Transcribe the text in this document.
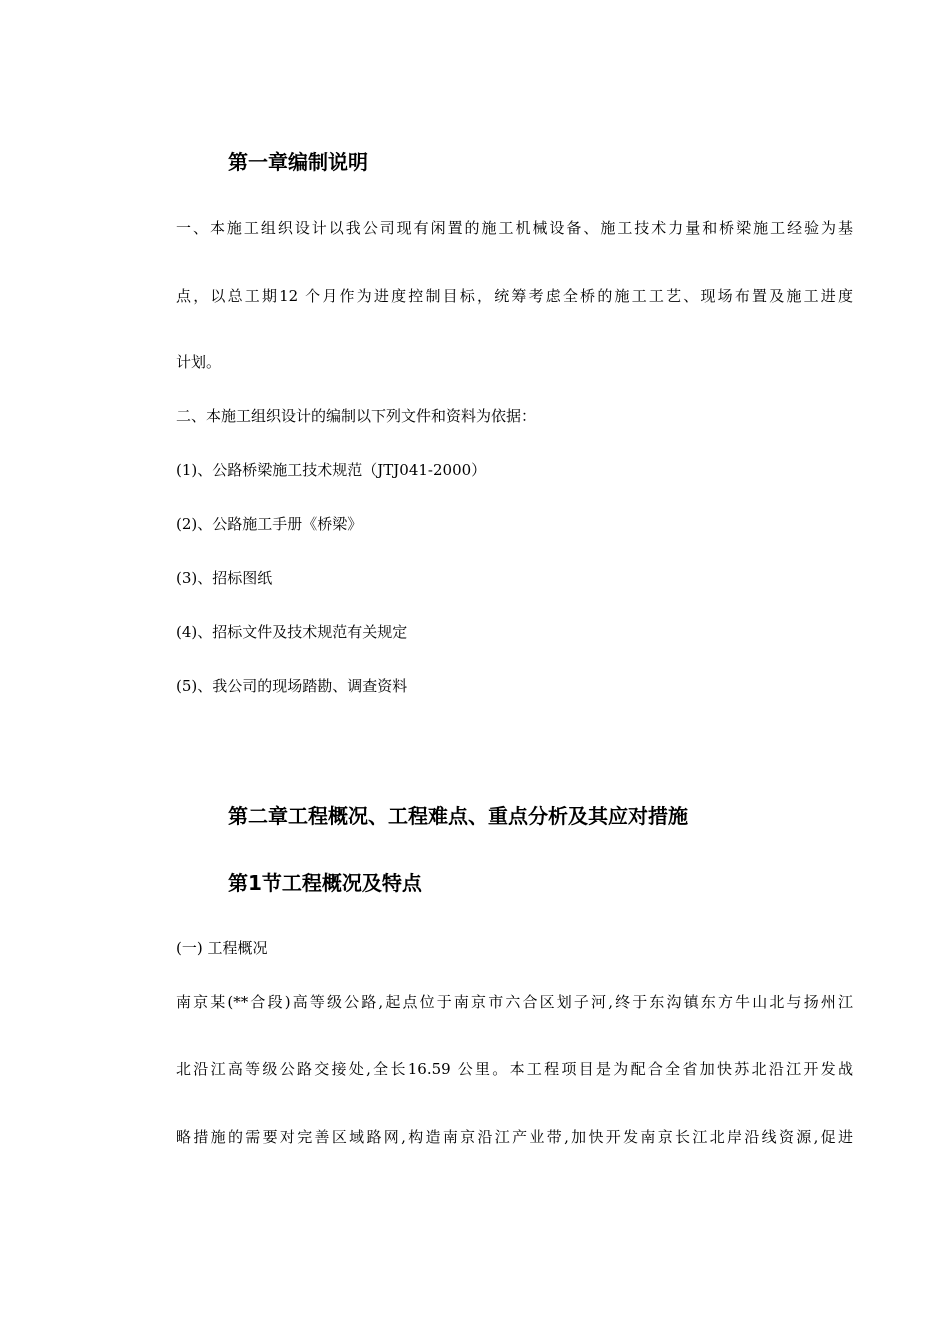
第一章编制说明
一、本施工组织设计以我公司现有闲置的施工机械设备、施工技术力量和桥梁施工经验为基
点，以总工期12 个月作为进度控制目标，统筹考虑全桥的施工工艺、现场布置及施工进度
计划。
二、本施工组织设计的编制以下列文件和资料为依据：
(1)、公路桥梁施工技术规范（JTJ041-2000）
(2)、公路施工手册《桥梁》
(3)、招标图纸
(4)、招标文件及技术规范有关规定
(5)、我公司的现场踏勘、调查资料
第二章工程概况、工程难点、重点分析及其应对措施
第1节工程概况及特点
(一) 工程概况
南京某(**合段)高等级公路,起点位于南京市六合区划子河,终于东沟镇东方牛山北与扬州江
北沿江高等级公路交接处,全长16.59 公里。本工程项目是为配合全省加快苏北沿江开发战
略措施的需要对完善区域路网,构造南京沿江产业带,加快开发南京长江北岸沿线资源,促进
